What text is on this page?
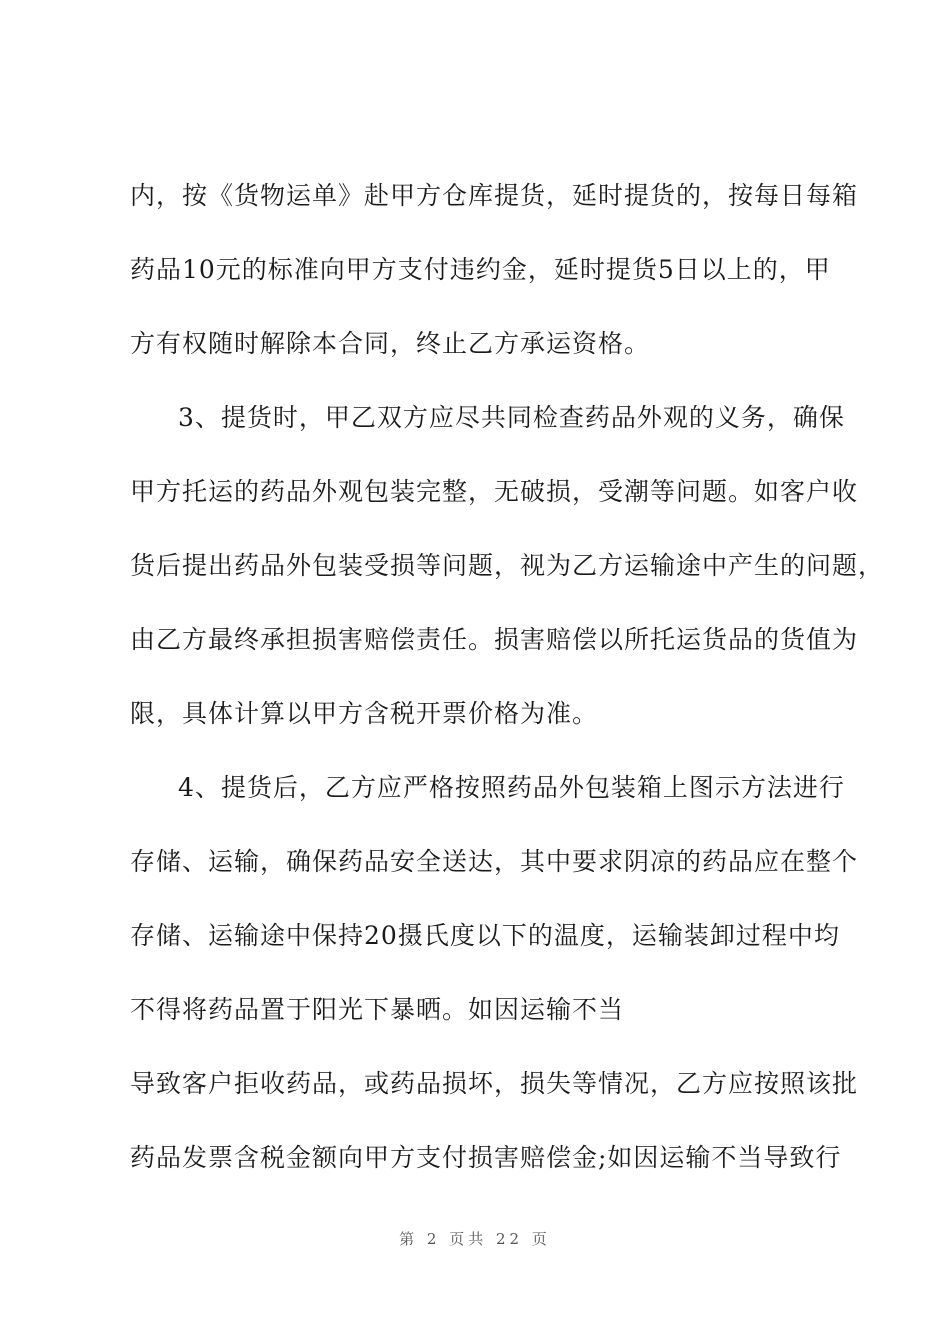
内，按《货物运单》赴甲方仓库提货，延时提货的，按每日每箱
药品10元的标准向甲方支付违约金，延时提货5日以上的，甲
方有权随时解除本合同，终止乙方承运资格。
3、提货时，甲乙双方应尽共同检查药品外观的义务，确保
甲方托运的药品外观包装完整，无破损，受潮等问题。如客户收
货后提出药品外包装受损等问题，视为乙方运输途中产生的问题，
由乙方最终承担损害赔偿责任。损害赔偿以所托运货品的货值为
限，具体计算以甲方含税开票价格为准。
4、提货后，乙方应严格按照药品外包装箱上图示方法进行
存储、运输，确保药品安全送达，其中要求阴凉的药品应在整个
存储、运输途中保持20摄氏度以下的温度，运输装卸过程中均
不得将药品置于阳光下暴晒。如因运输不当
导致客户拒收药品，或药品损坏，损失等情况，乙方应按照该批
药品发票含税金额向甲方支付损害赔偿金;如因运输不当导致行
第 2 页共 22 页
